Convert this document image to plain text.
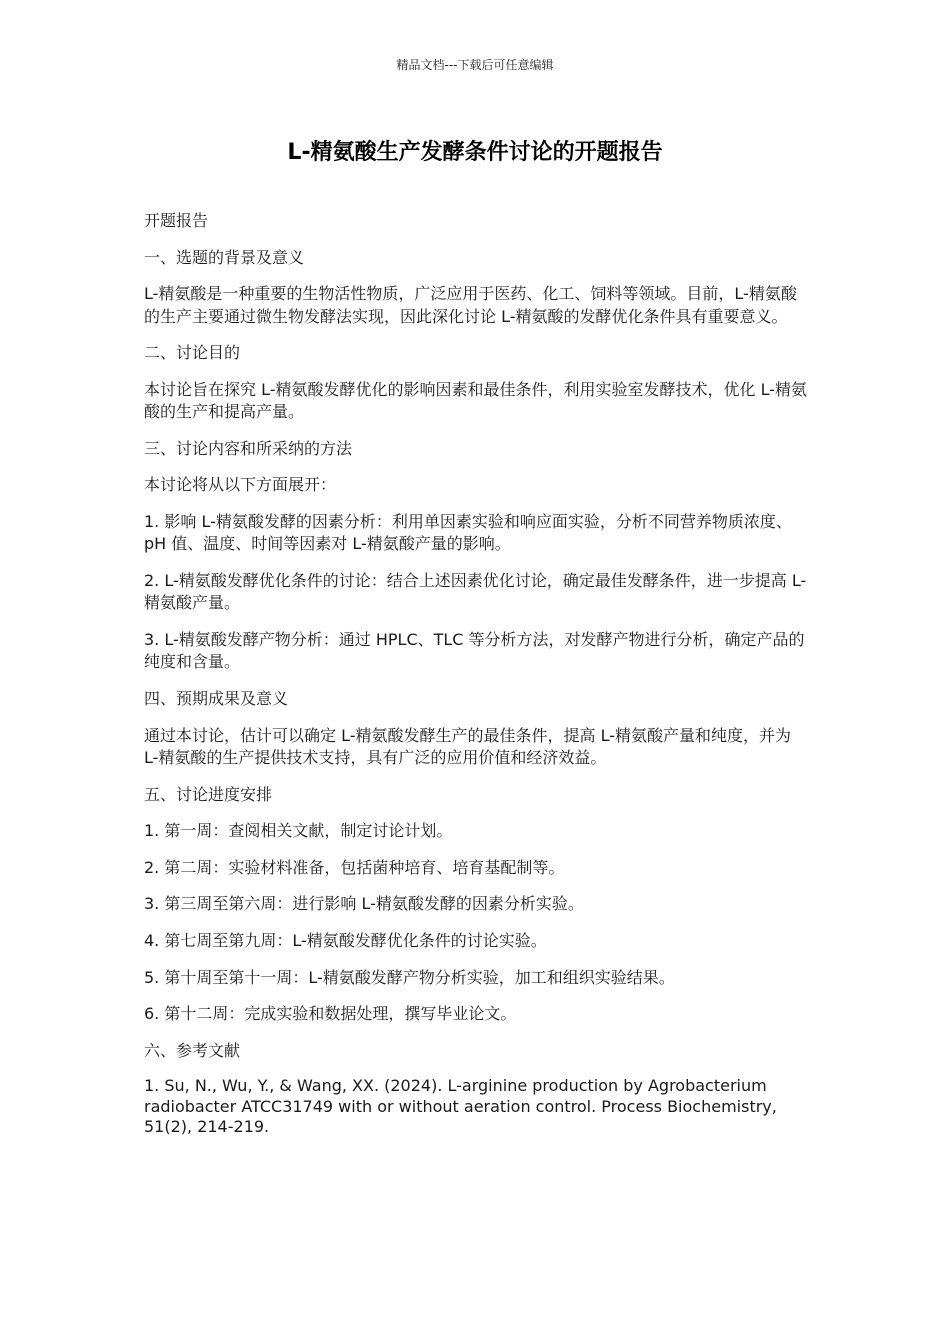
精品文档---下载后可任意编辑
L-精氨酸生产发酵条件讨论的开题报告

开题报告

一、选题的背景及意义

L-精氨酸是一种重要的生物活性物质，广泛应用于医药、化工、饲料等领域。目前，L-精氨酸的生产主要通过微生物发酵法实现，因此深化讨论 L-精氨酸的发酵优化条件具有重要意义。

二、讨论目的

本讨论旨在探究 L-精氨酸发酵优化的影响因素和最佳条件，利用实验室发酵技术，优化 L-精氨酸的生产和提高产量。

三、讨论内容和所采纳的方法

本讨论将从以下方面展开：

1. 影响 L-精氨酸发酵的因素分析：利用单因素实验和响应面实验，分析不同营养物质浓度、pH 值、温度、时间等因素对 L-精氨酸产量的影响。

2. L-精氨酸发酵优化条件的讨论：结合上述因素优化讨论，确定最佳发酵条件，进一步提高 L-精氨酸产量。

3. L-精氨酸发酵产物分析：通过 HPLC、TLC 等分析方法，对发酵产物进行分析，确定产品的纯度和含量。

四、预期成果及意义

通过本讨论，估计可以确定 L-精氨酸发酵生产的最佳条件，提高 L-精氨酸产量和纯度，并为 L-精氨酸的生产提供技术支持，具有广泛的应用价值和经济效益。

五、讨论进度安排

1. 第一周：查阅相关文献，制定讨论计划。

2. 第二周：实验材料准备，包括菌种培育、培育基配制等。

3. 第三周至第六周：进行影响 L-精氨酸发酵的因素分析实验。

4. 第七周至第九周：L-精氨酸发酵优化条件的讨论实验。

5. 第十周至第十一周：L-精氨酸发酵产物分析实验，加工和组织实验结果。

6. 第十二周：完成实验和数据处理，撰写毕业论文。

六、参考文献

1. Su, N., Wu, Y., & Wang, XX. (2024). L-arginine production by Agrobacterium radiobacter ATCC31749 with or without aeration control. Process Biochemistry, 51(2), 214-219.
